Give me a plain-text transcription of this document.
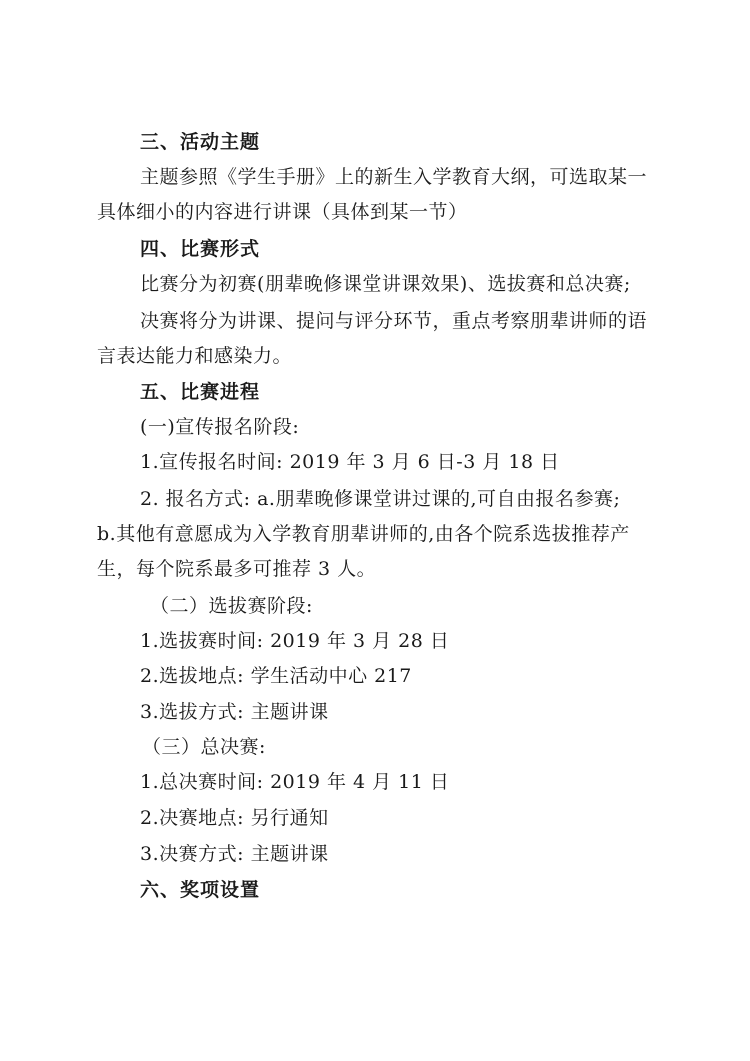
三、活动主题
主题参照《学生手册》上的新生入学教育大纲，可选取某一
具体细小的内容进行讲课（具体到某一节）
四、比赛形式
比赛分为初赛(朋辈晚修课堂讲课效果)、选拔赛和总决赛;
决赛将分为讲课、提问与评分环节，重点考察朋辈讲师的语
言表达能力和感染力。
五、比赛进程
(一)宣传报名阶段:
1.宣传报名时间: 2019 年 3 月 6 日-3 月 18 日
2. 报名方式: a.朋辈晚修课堂讲过课的,可自由报名参赛;
b.其他有意愿成为入学教育朋辈讲师的,由各个院系选拔推荐产
生，每个院系最多可推荐 3 人。
（二）选拔赛阶段:
1.选拔赛时间: 2019 年 3 月 28 日
2.选拔地点: 学生活动中心 217
3.选拔方式: 主题讲课
（三）总决赛:
1.总决赛时间: 2019 年 4 月 11 日
2.决赛地点: 另行通知
3.决赛方式: 主题讲课
六、奖项设置
